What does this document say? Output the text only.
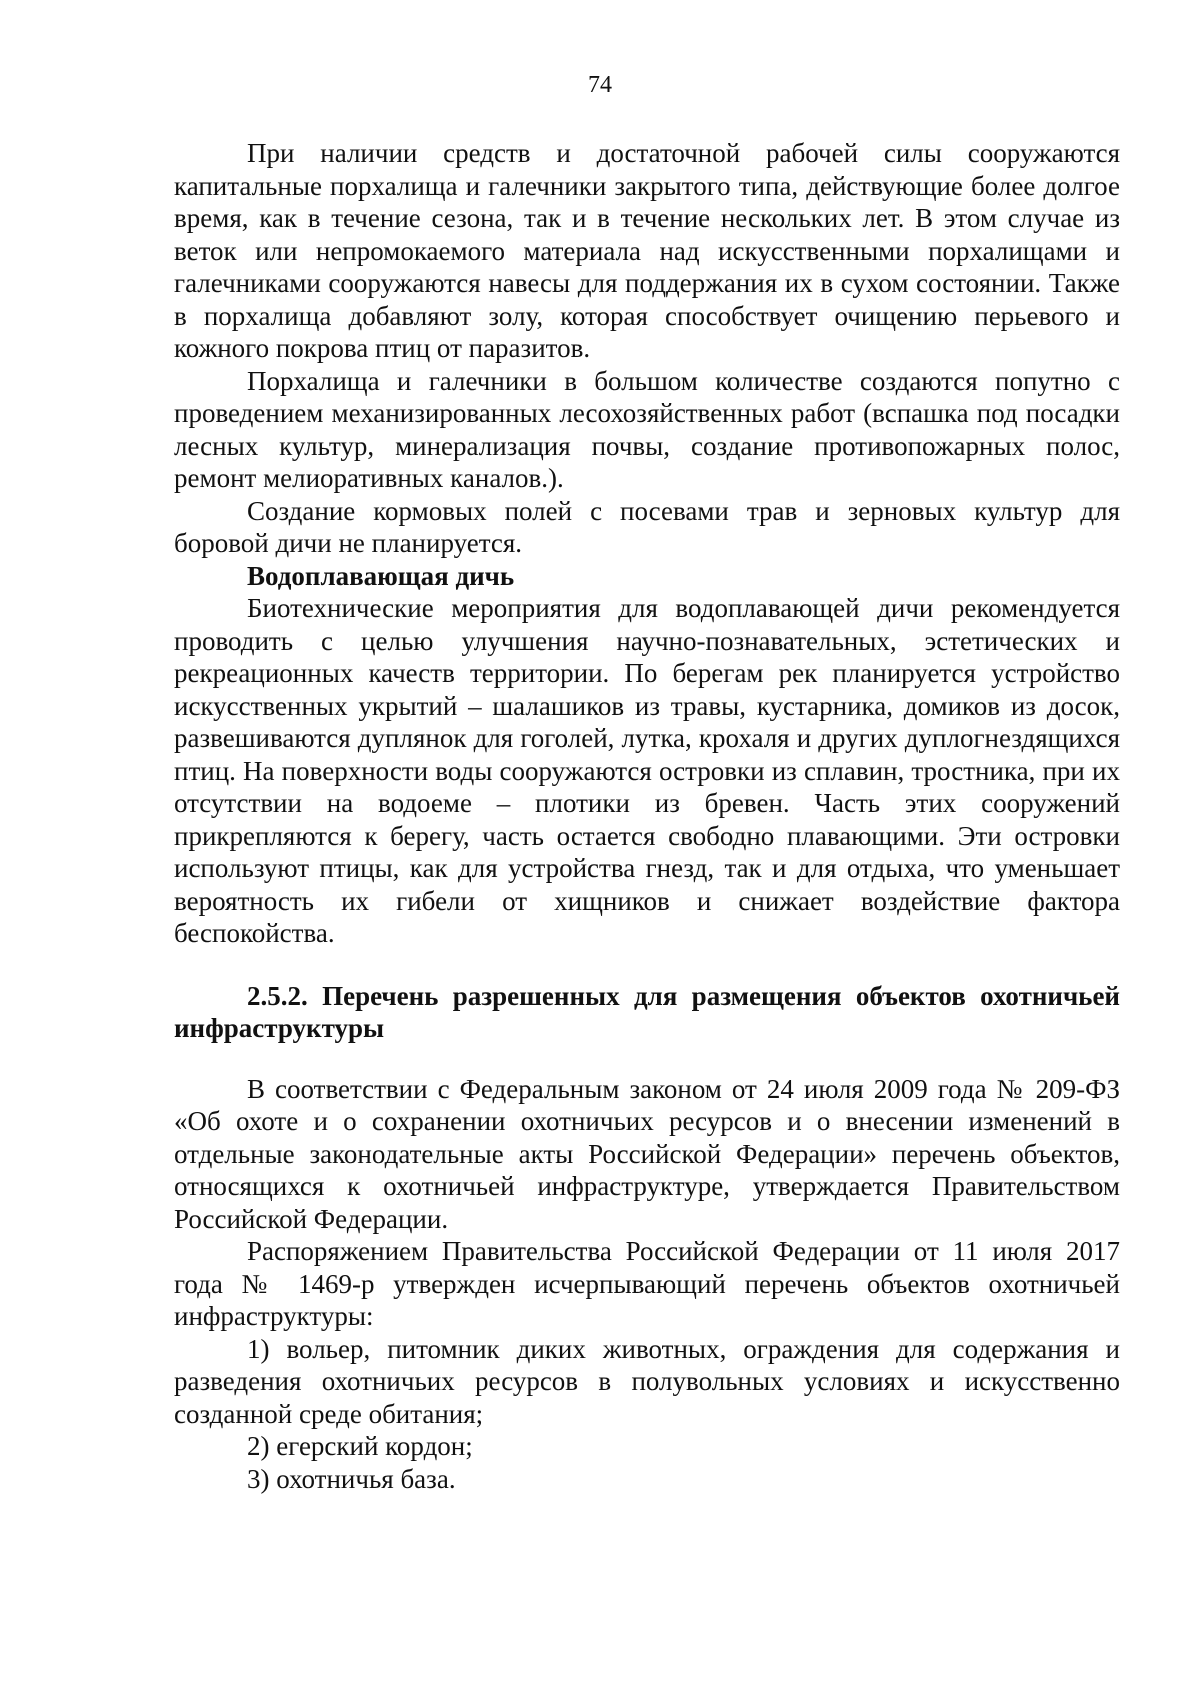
74

При наличии средств и достаточной рабочей силы сооружаются капитальные порхалища и галечники закрытого типа, действующие более долгое время, как в течение сезона, так и в течение нескольких лет. В этом случае из веток или непромокаемого материала над искусственными порхалищами и галечниками сооружаются навесы для поддержания их в сухом состоянии. Также в порхалища добавляют золу, которая способствует очищению перьевого и кожного покрова птиц от паразитов.

Порхалища и галечники в большом количестве создаются попутно с проведением механизированных лесохозяйственных работ (вспашка под посадки лесных культур, минерализация почвы, создание противопожарных полос, ремонт мелиоративных каналов.).

Создание кормовых полей с посевами трав и зерновых культур для боровой дичи не планируется.

Водоплавающая дичь

Биотехнические мероприятия для водоплавающей дичи рекомендуется проводить с целью улучшения научно-познавательных, эстетических и рекреационных качеств территории. По берегам рек планируется устройство искусственных укрытий – шалашиков из травы, кустарника, домиков из досок, развешиваются дуплянок для гоголей, лутка, крохаля и других дуплогнездящихся птиц. На поверхности воды сооружаются островки из сплавин, тростника, при их отсутствии на водоеме – плотики из бревен. Часть этих сооружений прикрепляются к берегу, часть остается свободно плавающими. Эти островки используют птицы, как для устройства гнезд, так и для отдыха, что уменьшает вероятность их гибели от хищников и снижает воздействие фактора беспокойства.

2.5.2. Перечень разрешенных для размещения объектов охотничьей инфраструктуры

В соответствии с Федеральным законом от 24 июля 2009 года № 209-ФЗ «Об охоте и о сохранении охотничьих ресурсов и о внесении изменений в отдельные законодательные акты Российской Федерации» перечень объектов, относящихся к охотничьей инфраструктуре, утверждается Правительством Российской Федерации.

Распоряжением Правительства Российской Федерации от 11 июля 2017 года № 1469-р утвержден исчерпывающий перечень объектов охотничьей инфраструктуры:

1) вольер, питомник диких животных, ограждения для содержания и разведения охотничьих ресурсов в полувольных условиях и искусственно созданной среде обитания;

2) егерский кордон;

3) охотничья база.
